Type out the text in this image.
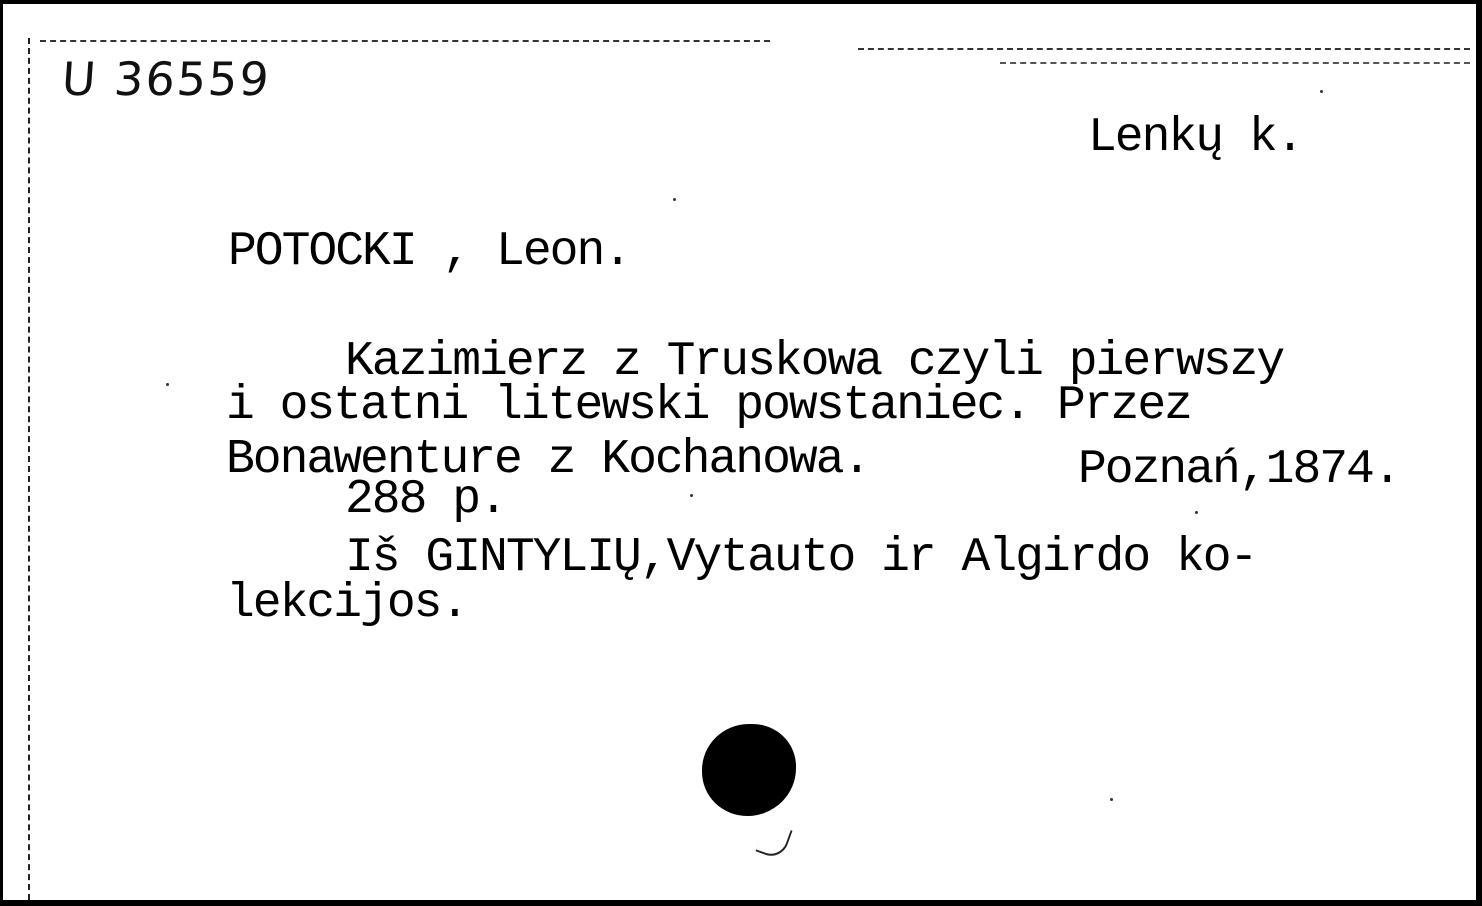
U 36559
Lenkų k.
POTOCKI , Leon.
Kazimierz z Truskowa czyli pierwszy
i ostatni litewski powstaniec. Przez
Bonawenture z Kochanowa.	Poznań,1874.
288 p.
Iš GINTYLIŲ,Vytauto ir Algirdo ko-
lekcijos.
